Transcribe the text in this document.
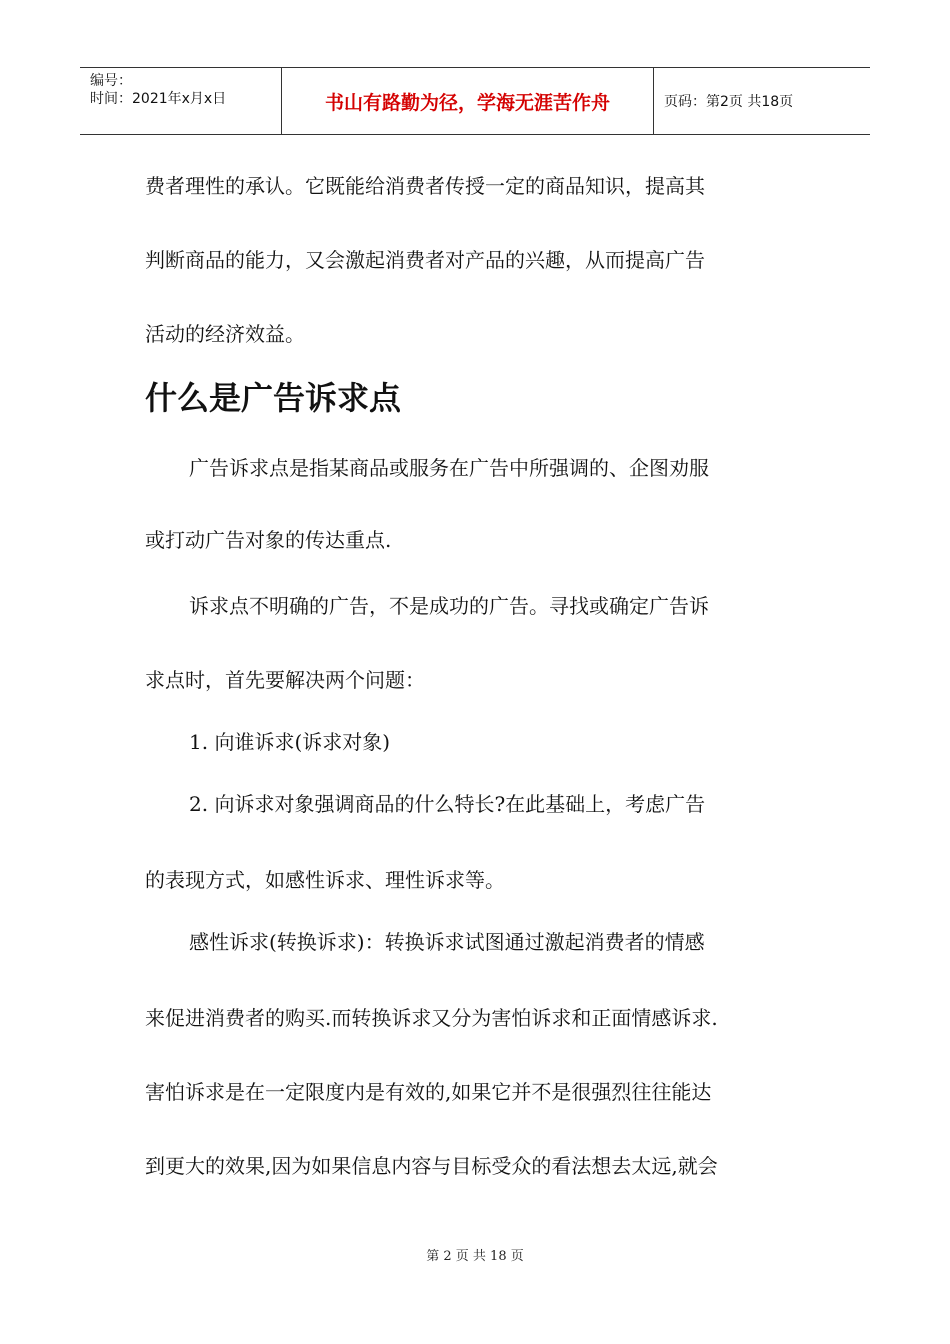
编号：
时间：2021年x月x日	书山有路勤为径，学海无涯苦作舟	页码：第2页 共18页
费者理性的承认。它既能给消费者传授一定的商品知识，提高其
判断商品的能力，又会激起消费者对产品的兴趣，从而提高广告
活动的经济效益。
什么是广告诉求点
广告诉求点是指某商品或服务在广告中所强调的、企图劝服
或打动广告对象的传达重点.
诉求点不明确的广告，不是成功的广告。寻找或确定广告诉
求点时，首先要解决两个问题：
1. 向谁诉求(诉求对象)
2. 向诉求对象强调商品的什么特长?在此基础上，考虑广告
的表现方式，如感性诉求、理性诉求等。
感性诉求(转换诉求)：转换诉求试图通过激起消费者的情感
来促进消费者的购买.而转换诉求又分为害怕诉求和正面情感诉求.
害怕诉求是在一定限度内是有效的,如果它并不是很强烈往往能达
到更大的效果,因为如果信息内容与目标受众的看法想去太远,就会
第 2 页 共 18 页
